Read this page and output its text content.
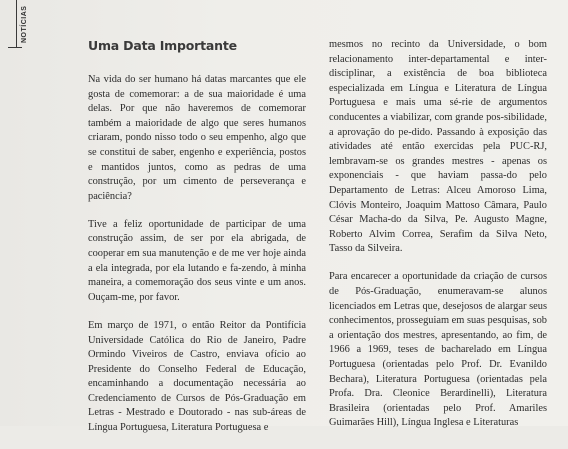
NOTÍCIAS
Uma Data Importante

Na vida do ser humano há datas marcantes que ele gosta de comemorar: a de sua maioridade é uma delas. Por que não haveremos de comemorar também a maioridade de algo que seres humanos criaram, pondo nisso todo o seu empenho, algo que se constitui de saber, engenho e experiência, postos e mantidos juntos, como as pedras de uma construção, por um cimento de perseverança e paciência?

Tive a feliz oportunidade de participar de uma construção assim, de ser por ela abrigada, de cooperar em sua manutenção e de me ver hoje ainda a ela integrada, por ela lutando e fa-zendo, à minha maneira, a comemoração dos seus vinte e um anos. Ouçam-me, por favor.

Em março de 1971, o então Reitor da Pontifícia Universidade Católica do Rio de Janeiro, Padre Ormindo Viveiros de Castro, enviava ofício ao Presidente do Conselho Federal de Educação, encaminhando a documentação necessária ao Credenciamento de Cursos de Pós-Graduação em Letras - Mestrado e Doutorado - nas sub-áreas de Língua Portuguesa, Literatura Portuguesa e

mesmos no recinto da Universidade, o bom relacionamento inter-departamental e inter-disciplinar, a existência de boa biblioteca especializada em Língua e Literatura de Língua Portuguesa e mais uma sé-rie de argumentos conducentes a viabilizar, com grande pos-sibilidade, a aprovação do pe-dido. Passando à exposição das atividades até então exercidas pela PUC-RJ, lembravam-se os grandes mestres - apenas os exponenciais - que haviam passa-do pelo Departamento de Letras: Alceu Amoroso Lima, Clóvis Monteiro, Joaquim Mattoso Câmara, Paulo César Macha-do da Silva, Pe. Augusto Magne, Roberto Alvim Correa, Serafim da Silva Neto, Tasso da Silveira.

Para encarecer a oportunidade da criação de cursos de Pós-Graduação, enumeravam-se alunos licenciados em Letras que, desejosos de alargar seus conhecimentos, prosseguiam em suas pesquisas, sob a orientação dos mestres, apresentando, ao fim, de 1966 a 1969, teses de bacharelado em Língua Portuguesa (orientadas pelo Prof. Dr. Evanildo Bechara), Literatura Portuguesa (orientadas pela Profa. Dra. Cleonice Berardinelli), Literatura Brasileira (orientadas pelo Prof. Amariles Guimarães Hill), Língua Inglesa e Literaturas
